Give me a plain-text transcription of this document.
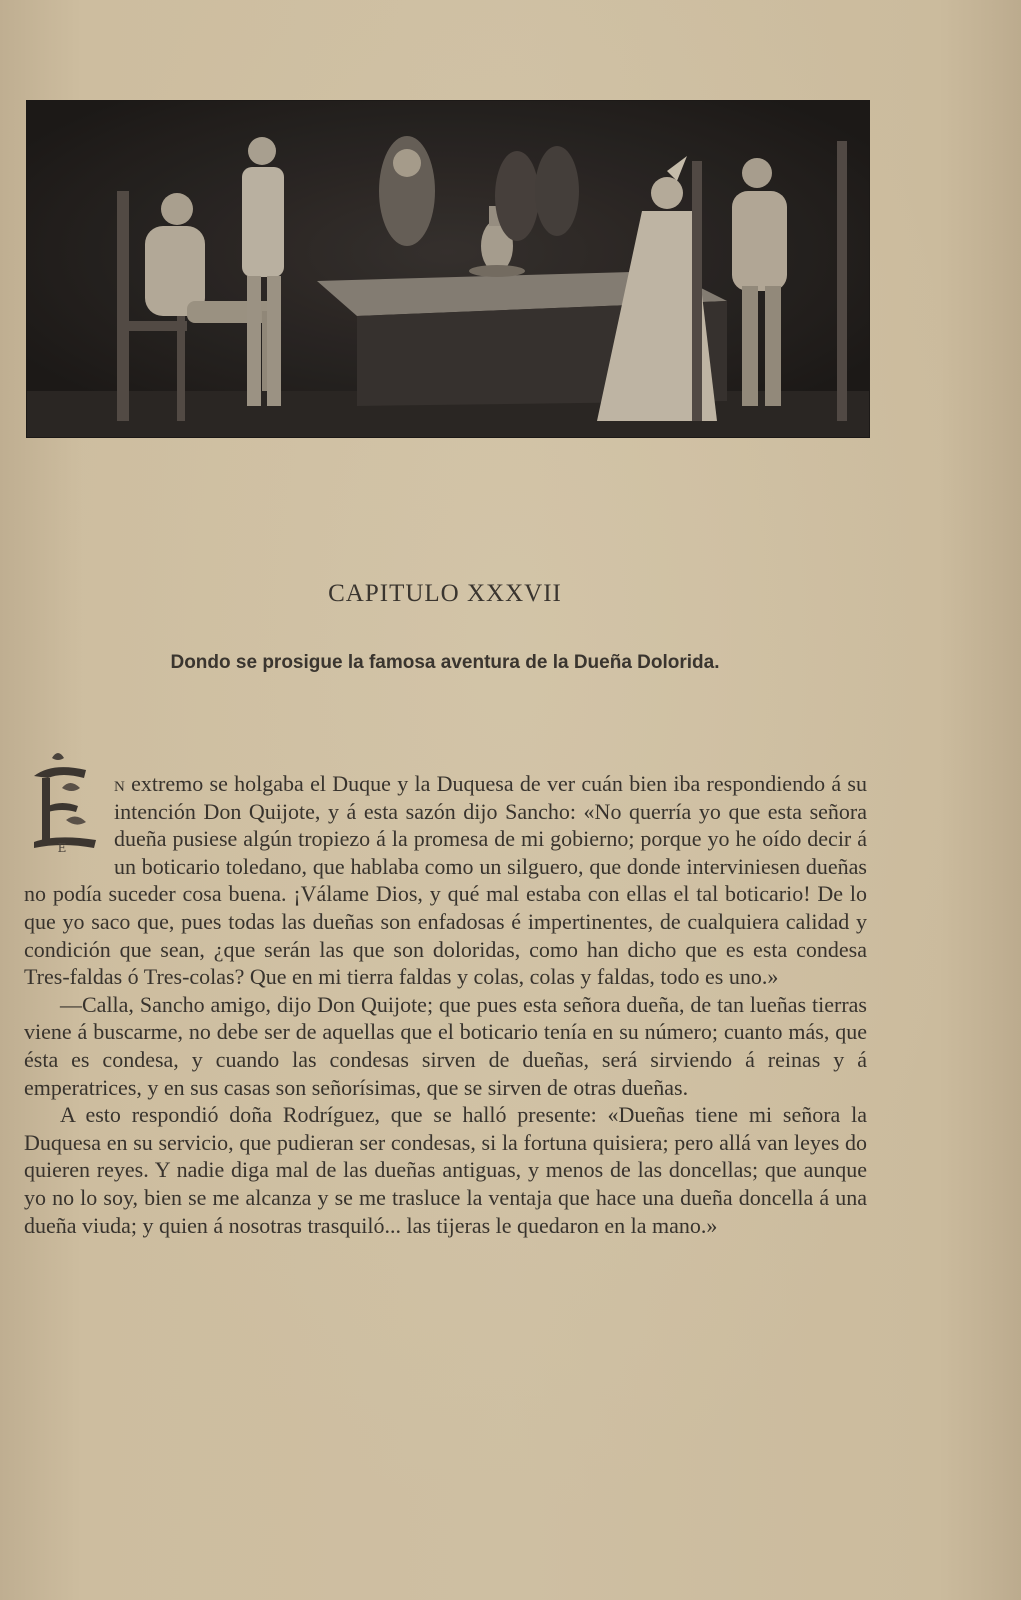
CAPITULO XXXVII
Dondo se prosigue la famosa aventura de la Dueña Dolorida.

E
n extremo se holgaba el Duque y la Duquesa de ver cuán bien iba respondiendo á su intención Don Quijote, y á esta sazón dijo Sancho: «No querría yo que esta señora dueña pusiese algún tropiezo á la promesa de mi gobierno; porque yo he oído decir á un boticario toledano, que hablaba como un silguero, que donde interviniesen dueñas no podía suceder cosa buena. ¡Válame Dios, y qué mal estaba con ellas el tal boticario! De lo que yo saco que, pues todas las dueñas son enfadosas é impertinentes, de cualquiera calidad y condición que sean, ¿que serán las que son doloridas, como han dicho que es esta condesa Tres-faldas ó Tres-colas? Que en mi tierra faldas y colas, colas y faldas, todo es uno.»

—Calla, Sancho amigo, dijo Don Quijote; que pues esta señora dueña, de tan lueñas tierras viene á buscarme, no debe ser de aquellas que el boticario tenía en su número; cuanto más, que ésta es condesa, y cuando las condesas sirven de dueñas, será sirviendo á reinas y á emperatrices, y en sus casas son señorísimas, que se sirven de otras dueñas.

A esto respondió doña Rodríguez, que se halló presente: «Dueñas tiene mi señora la Duquesa en su servicio, que pudieran ser condesas, si la fortuna quisiera; pero allá van leyes do quieren reyes. Y nadie diga mal de las dueñas antiguas, y menos de las doncellas; que aunque yo no lo soy, bien se me alcanza y se me trasluce la ventaja que hace una dueña doncella á una dueña viuda; y quien á nosotras trasquiló... las tijeras le quedaron en la mano.»
